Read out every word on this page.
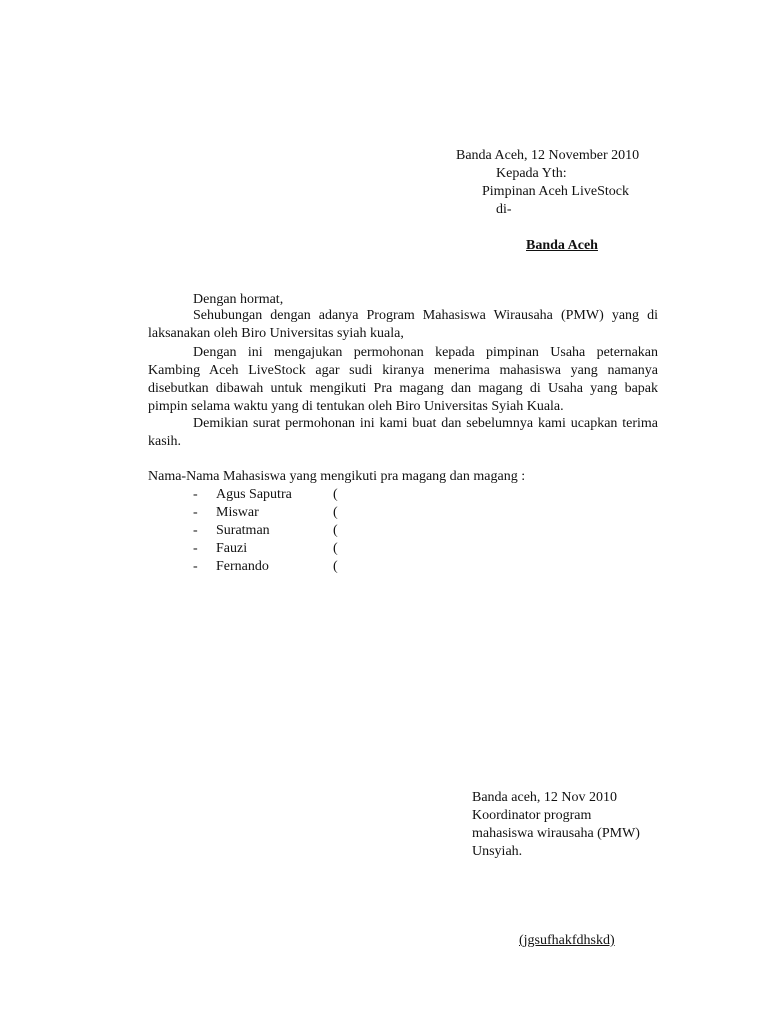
Banda Aceh, 12 November 2010
Kepada Yth:
Pimpinan Aceh LiveStock
di-
Banda Aceh
Dengan hormat,

Sehubungan dengan adanya Program Mahasiswa Wirausaha (PMW) yang di laksanakan oleh Biro Universitas syiah kuala,

Dengan ini mengajukan permohonan kepada pimpinan Usaha peternakan Kambing Aceh LiveStock agar sudi kiranya menerima mahasiswa yang namanya disebutkan dibawah untuk mengikuti Pra magang dan magang di Usaha yang bapak pimpin selama waktu yang di tentukan oleh Biro Universitas Syiah Kuala.

Demikian surat permohonan ini kami buat dan sebelumnya kami ucapkan terima kasih.

Nama-Nama Mahasiswa yang mengikuti pra magang dan magang :
- Agus Saputra	(
- Miswar	(
- Suratman	(
- Fauzi	(
- Fernando	(
Banda aceh, 12 Nov 2010
Koordinator program
mahasiswa wirausaha (PMW)
Unsyiah.
(jgsufhakfdhskd)
